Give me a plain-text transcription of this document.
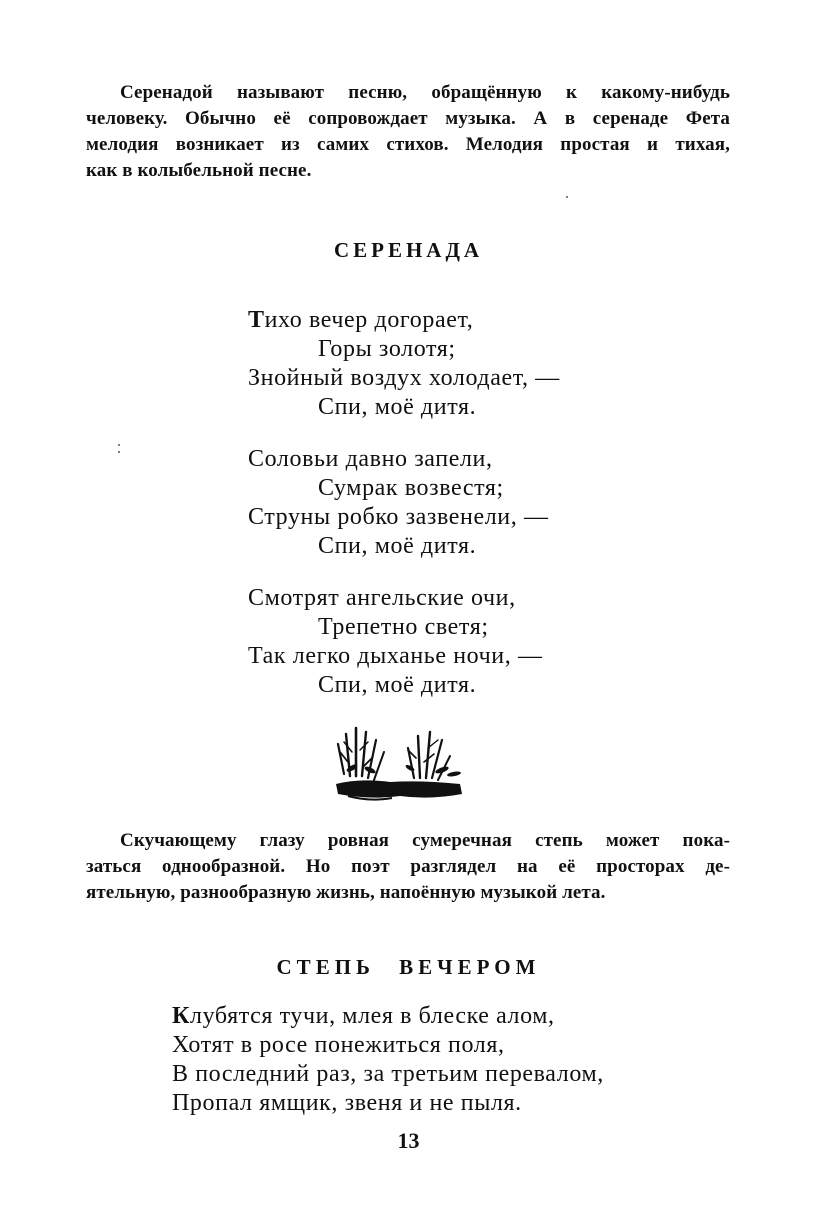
Серенадой называют песню, обращённую к какому-нибудь
человеку. Обычно её сопровождает музыка. А в серенаде Фета
мелодия возникает из самих стихов. Мелодия простая и тихая,
как в колыбельной песне.
СЕРЕНАДА
Тихо вечер догорает,
Горы золотя;
Знойный воздух холодает, —
Спи, моё дитя.
Соловьи давно запели,
Сумрак возвестя;
Струны робко зазвенели, —
Спи, моё дитя.
Смотрят ангельские очи,
Трепетно светя;
Так легко дыханье ночи, —
Спи, моё дитя.
Скучающему глазу ровная сумеречная степь может пока-
заться однообразной. Но поэт разглядел на её просторах де-
ятельную, разнообразную жизнь, напоённую музыкой лета.
СТЕПЬ ВЕЧЕРОМ
Клубятся тучи, млея в блеске алом,
Хотят в росе понежиться поля,
В последний раз, за третьим перевалом,
Пропал ямщик, звеня и не пыля.
13
